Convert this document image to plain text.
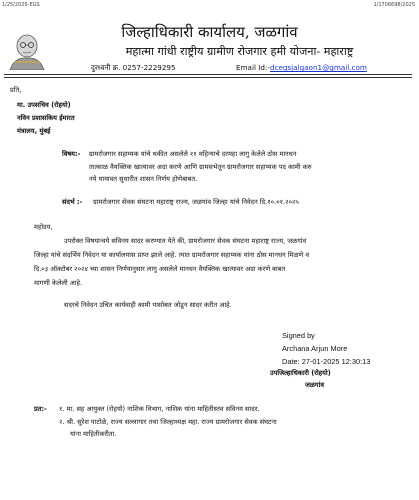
1/25/2025-EGS	1/1706698/2025
जिल्हाधिकारी कार्यालय, जळगांव
महात्मा गांधी राष्ट्रीय ग्रामीण रोजगार हमी योजना- महाराष्ट्र
दुरध्वनी क्र. 0257-2229295	Email Id:-dcegsjalgaon1@gmail.com
प्रति,
मा. उपसचिव (रोहयो)
नविन प्रशासकिय ईमारत
मंत्रालय, मुंबई
विषय:- ग्रामरोजगार सहाय्यक यांचे थकीत असलेले ११ महिन्याचे दरमहा लागु केलेले ठोस मानधन
तात्काळ वैयक्तिक खात्यावर अदा करणे आणि ग्रामसभेतून ग्रामरोजगार सहाय्यक पद कामी करु
नये यायावत सुधारीत शासन निर्णय होणेबाबत.
संदर्भ :- ग्रामरोजगार सेवक संघटना महाराष्ट्र राज्य, जळगांव जिल्हा यांचे निवेदन दि.१०.०१.२०२५
महोदय,
उपरोक्त विषयान्वये सविनय सादर करण्यात येते की, ग्रामरोजगार सेवक संघटना महाराष्ट्र राज्य, जळगांव
जिल्हा यांचे संदर्भिय निवेदन या कार्यालयास प्राप्त झाले आहे. त्यात ग्रामरोजगार सहाय्यक यांना ठोस मानधन मिळणे व
दि.०३ ऑक्टोबर २०२४ च्या शासन निर्णयानुसार लागु असलेले मानधन वैयक्तिक खात्यावर अदा करणे बाबत
मागणी केलेली आहे.
सदरचे निवेदन उचित कार्यवाही कामी यासोबत जोडून सादर करीत आहे.
Signed by
Archana Arjun More
Date: 27-01-2025 12:30:13
उपजिल्हाधिकारी (रोहयो)
जळगांव
प्रत:- १. मा. सह आयुक्त (रोहयो) नाशिक विभाग, नाशिक यांना माहितीस्तव सविनय सादर.
२. श्री. सुरेश पाटोळे, राज्य सल्लागार तथा जिल्हाध्यक्ष महा. राज्य ग्रामरोजगार सेवक संघटना
यांना माहितीकरीता.
